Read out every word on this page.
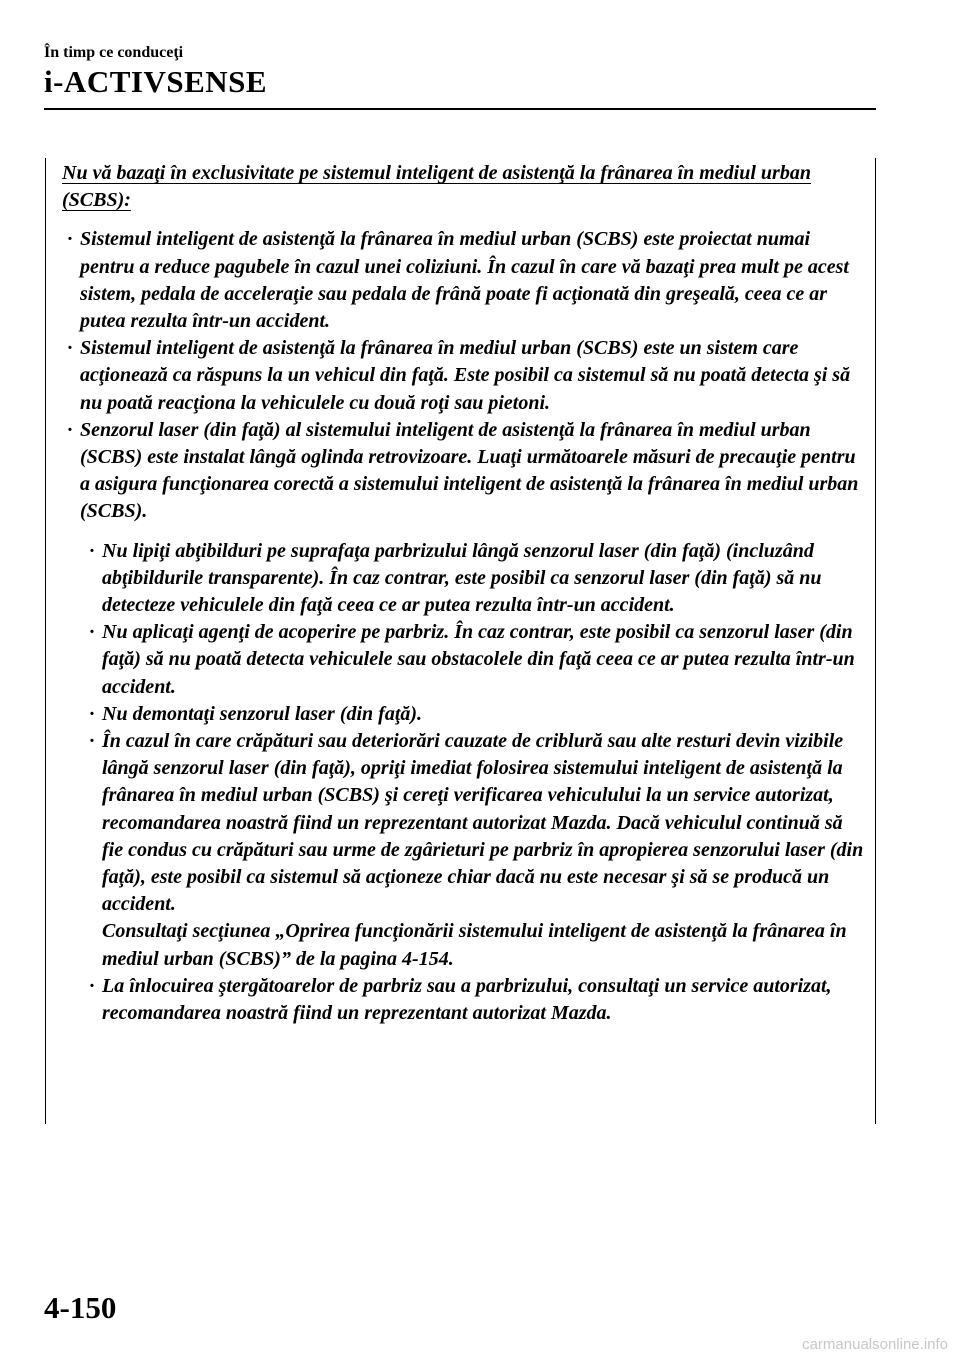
În timp ce conduceţi
i-ACTIVSENSE
Nu vă bazaţi în exclusivitate pe sistemul inteligent de asistenţă la frânarea în mediul urban (SCBS):
· Sistemul inteligent de asistenţă la frânarea în mediul urban (SCBS) este proiectat numai pentru a reduce pagubele în cazul unei coliziuni. În cazul în care vă bazaţi prea mult pe acest sistem, pedala de acceleraţie sau pedala de frână poate fi acţionată din greşeală, ceea ce ar putea rezulta într-un accident.
· Sistemul inteligent de asistenţă la frânarea în mediul urban (SCBS) este un sistem care acţionează ca răspuns la un vehicul din faţă. Este posibil ca sistemul să nu poată detecta şi să nu poată reacţiona la vehiculele cu două roţi sau pietoni.
· Senzorul laser (din faţă) al sistemului inteligent de asistenţă la frânarea în mediul urban (SCBS) este instalat lângă oglinda retrovizoare. Luaţi următoarele măsuri de precauţie pentru a asigura funcţionarea corectă a sistemului inteligent de asistenţă la frânarea în mediul urban (SCBS).
· Nu lipiţi abţibilduri pe suprafaţa parbrizului lângă senzorul laser (din faţă) (incluzând abţibildurile transparente). În caz contrar, este posibil ca senzorul laser (din faţă) să nu detecteze vehiculele din faţă ceea ce ar putea rezulta într-un accident.
· Nu aplicaţi agenţi de acoperire pe parbriz. În caz contrar, este posibil ca senzorul laser (din faţă) să nu poată detecta vehiculele sau obstacolele din faţă ceea ce ar putea rezulta într-un accident.
· Nu demontaţi senzorul laser (din faţă).
· În cazul în care crăpături sau deteriorări cauzate de criblură sau alte resturi devin vizibile lângă senzorul laser (din faţă), opriţi imediat folosirea sistemului inteligent de asistenţă la frânarea în mediul urban (SCBS) şi cereţi verificarea vehiculului la un service autorizat, recomandarea noastră fiind un reprezentant autorizat Mazda. Dacă vehiculul continuă să fie condus cu crăpături sau urme de zgârieturi pe parbriz în apropierea senzorului laser (din faţă), este posibil ca sistemul să acţioneze chiar dacă nu este necesar şi să se producă un accident.
Consultaţi secţiunea „Oprirea funcţionării sistemului inteligent de asistenţă la frânarea în mediul urban (SCBS)” de la pagina 4-154.
· La înlocuirea ştergătoarelor de parbriz sau a parbrizului, consultaţi un service autorizat, recomandarea noastră fiind un reprezentant autorizat Mazda.
4-150
carmanualsonline.info
